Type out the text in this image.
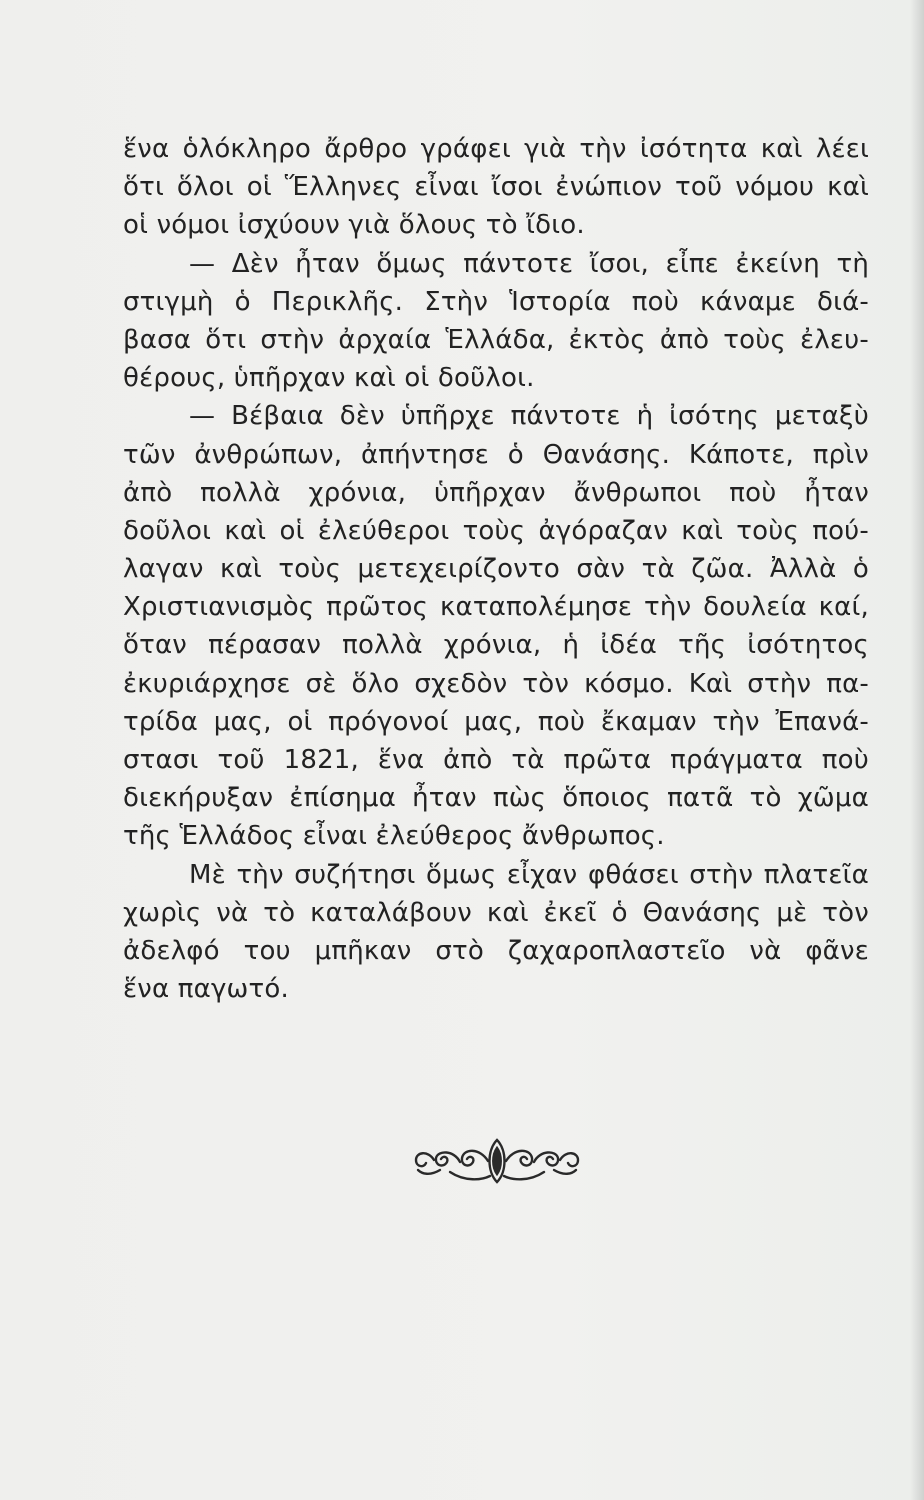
ἕνα ὁλόκληρο ἄρθρο γράφει γιὰ τὴν ἰσότητα καὶ λέει
ὅτι ὅλοι οἱ Ἕλληνες εἶναι ἴσοι ἐνώπιον τοῦ νόμου καὶ
οἱ νόμοι ἰσχύουν γιὰ ὅλους τὸ ἴδιο.
— Δὲν ἦταν ὅμως πάντοτε ἴσοι, εἶπε ἐκείνη τὴ
στιγμὴ ὁ Περικλῆς. Στὴν Ἱστορία ποὺ κάναμε διά-
βασα ὅτι στὴν ἀρχαία Ἑλλάδα, ἐκτὸς ἀπὸ τοὺς ἐλευ-
θέρους, ὑπῆρχαν καὶ οἱ δοῦλοι.
— Βέβαια δὲν ὑπῆρχε πάντοτε ἡ ἰσότης μεταξὺ
τῶν ἀνθρώπων, ἀπήντησε ὁ Θανάσης. Κάποτε, πρὶν
ἀπὸ πολλὰ χρόνια, ὑπῆρχαν ἄνθρωποι ποὺ ἦταν
δοῦλοι καὶ οἱ ἐλεύθεροι τοὺς ἀγόραζαν καὶ τοὺς πού-
λαγαν καὶ τοὺς μετεχειρίζοντο σὰν τὰ ζῶα. Ἀλλὰ ὁ
Χριστιανισμὸς πρῶτος καταπολέμησε τὴν δουλεία καί,
ὅταν πέρασαν πολλὰ χρόνια, ἡ ἰδέα τῆς ἰσότητος
ἐκυριάρχησε σὲ ὅλο σχεδὸν τὸν κόσμο. Καὶ στὴν πα-
τρίδα μας, οἱ πρόγονοί μας, ποὺ ἔκαμαν τὴν Ἐπανά-
στασι τοῦ 1821, ἕνα ἀπὸ τὰ πρῶτα πράγματα ποὺ
διεκήρυξαν ἐπίσημα ἦταν πὼς ὅποιος πατᾶ τὸ χῶμα
τῆς Ἑλλάδος εἶναι ἐλεύθερος ἄνθρωπος.
Μὲ τὴν συζήτησι ὅμως εἶχαν φθάσει στὴν πλατεῖα
χωρὶς νὰ τὸ καταλάβουν καὶ ἐκεῖ ὁ Θανάσης μὲ τὸν
ἀδελφό του μπῆκαν στὸ ζαχαροπλαστεῖο νὰ φᾶνε
ἕνα παγωτό.
